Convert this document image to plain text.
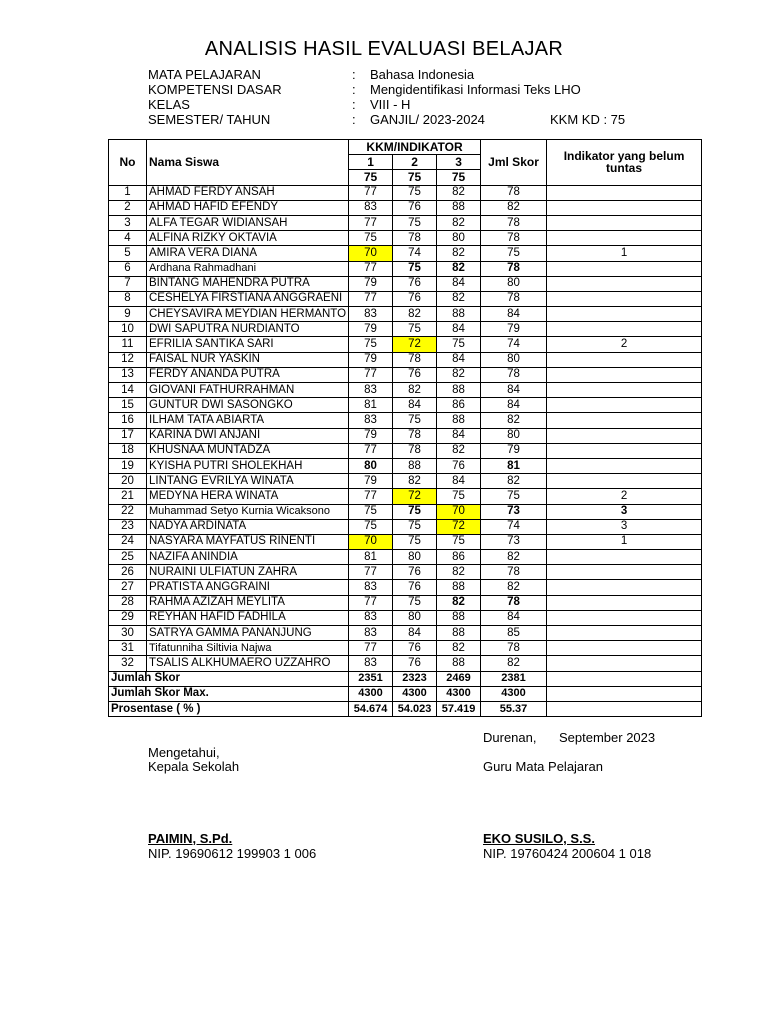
ANALISIS HASIL EVALUASI BELAJAR
MATA PELAJARAN	: Bahasa Indonesia
KOMPETENSI DASAR	: Mengidentifikasi Informasi Teks LHO
KELAS	: VIII - H
SEMESTER/ TAHUN	: GANJIL/ 2023-2024	KKM KD : 75
No	Nama Siswa	KKM/INDIKATOR			Jml Skor	Indikator yang belum tuntas
		1	2	3		
		75	75	75		
1	AHMAD FERDY ANSAH	77	75	82	78	
2	AHMAD HAFID EFENDY	83	76	88	82	
3	ALFA TEGAR WIDIANSAH	77	75	82	78	
4	ALFINA RIZKY OKTAVIA	75	78	80	78	
5	AMIRA VERA DIANA	70	74	82	75	1
6	Ardhana Rahmadhani	77	75	82	78	
7	BINTANG MAHENDRA PUTRA	79	76	84	80	
8	CESHELYA FIRSTIANA ANGGRAENI	77	76	82	78	
9	CHEYSAVIRA MEYDIAN HERMANTO	83	82	88	84	
10	DWI SAPUTRA NURDIANTO	79	75	84	79	
11	EFRILIA SANTIKA SARI	75	72	75	74	2
12	FAISAL NUR YASKIN	79	78	84	80	
13	FERDY ANANDA PUTRA	77	76	82	78	
14	GIOVANI FATHURRAHMAN	83	82	88	84	
15	GUNTUR DWI SASONGKO	81	84	86	84	
16	ILHAM TATA ABIARTA	83	75	88	82	
17	KARINA DWI ANJANI	79	78	84	80	
18	KHUSNAA MUNTADZA	77	78	82	79	
19	KYISHA PUTRI SHOLEKHAH	80	88	76	81	
20	LINTANG EVRILYA WINATA	79	82	84	82	
21	MEDYNA HERA WINATA	77	72	75	75	2
22	Muhammad Setyo Kurnia Wicaksono	75	75	70	73	3
23	NADYA ARDINATA	75	75	72	74	3
24	NASYARA MAYFATUS RINENTI	70	75	75	73	1
25	NAZIFA ANINDIA	81	80	86	82	
26	NURAINI ULFIATUN ZAHRA	77	76	82	78	
27	PRATISTA ANGGRAINI	83	76	88	82	
28	RAHMA AZIZAH MEYLITA	77	75	82	78	
29	REYHAN HAFID FADHILA	83	80	88	84	
30	SATRYA GAMMA PANANJUNG	83	84	88	85	
31	Tifatunniha Siltivia Najwa	77	76	82	78	
32	TSALIS ALKHUMAERO UZZAHRO	83	76	88	82	
Jumlah Skor		2351	2323	2469	2381	
Jumlah Skor Max.		4300	4300	4300	4300	
Prosentase ( % )		54.674	54.023	57.419	55.37	
Durenan, September 2023
Mengetahui,
Kepala Sekolah	Guru Mata Pelajaran
PAIMIN, S.Pd.
NIP. 19690612 199903 1 006
EKO SUSILO, S.S.
NIP. 19760424 200604 1 018
